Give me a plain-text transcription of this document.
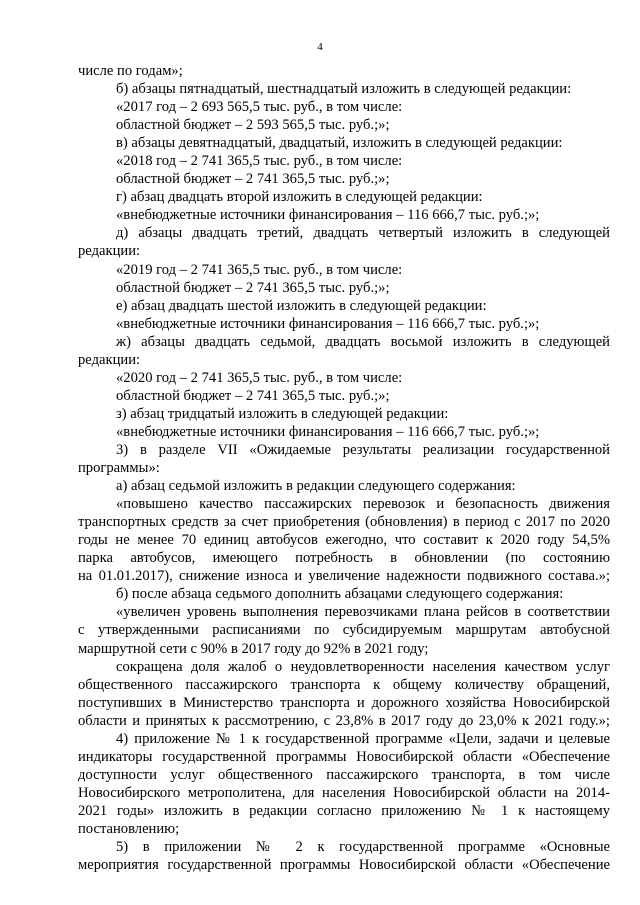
4
числе по годам»;
б) абзацы пятнадцатый, шестнадцатый изложить в следующей редакции:
«2017 год – 2 693 565,5 тыс. руб., в том числе:
областной бюджет – 2 593 565,5 тыс. руб.;»;
в) абзацы девятнадцатый, двадцатый, изложить в следующей редакции:
«2018 год – 2 741 365,5 тыс. руб., в том числе:
областной бюджет – 2 741 365,5 тыс. руб.;»;
г) абзац двадцать второй изложить в следующей редакции:
«внебюджетные источники финансирования – 116 666,7 тыс. руб.;»;
д) абзацы двадцать третий, двадцать четвертый изложить в следующей
редакции:
«2019 год – 2 741 365,5 тыс. руб., в том числе:
областной бюджет – 2 741 365,5 тыс. руб.;»;
е) абзац двадцать шестой изложить в следующей редакции:
«внебюджетные источники финансирования – 116 666,7 тыс. руб.;»;
ж) абзацы двадцать седьмой, двадцать восьмой изложить в следующей
редакции:
«2020 год – 2 741 365,5 тыс. руб., в том числе:
областной бюджет – 2 741 365,5 тыс. руб.;»;
з) абзац тридцатый изложить в следующей редакции:
«внебюджетные источники финансирования – 116 666,7 тыс. руб.;»;
3) в разделе VII «Ожидаемые результаты реализации государственной
программы»:
а) абзац седьмой изложить в редакции следующего содержания:
«повышено качество пассажирских перевозок и безопасность движения
транспортных средств за счет приобретения (обновления) в период с 2017 по 2020
годы не менее 70 единиц автобусов ежегодно, что составит к 2020 году 54,5%
парка автобусов, имеющего потребность в обновлении (по состоянию
на 01.01.2017), снижение износа и увеличение надежности подвижного состава.»;
б) после абзаца седьмого дополнить абзацами следующего содержания:
«увеличен уровень выполнения перевозчиками плана рейсов в соответствии
с утвержденными расписаниями по субсидируемым маршрутам автобусной
маршрутной сети с 90% в 2017 году до 92% в 2021 году;
сокращена доля жалоб о неудовлетворенности населения качеством услуг
общественного пассажирского транспорта к общему количеству обращений,
поступивших в Министерство транспорта и дорожного хозяйства Новосибирской
области и принятых к рассмотрению, с 23,8% в 2017 году до 23,0% к 2021 году.»;
4) приложение № 1 к государственной программе «Цели, задачи и целевые
индикаторы государственной программы Новосибирской области «Обеспечение
доступности услуг общественного пассажирского транспорта, в том числе
Новосибирского метрополитена, для населения Новосибирской области на 2014-
2021 годы» изложить в редакции согласно приложению № 1 к настоящему
постановлению;
5) в приложении № 2 к государственной программе «Основные
мероприятия государственной программы Новосибирской области «Обеспечение
